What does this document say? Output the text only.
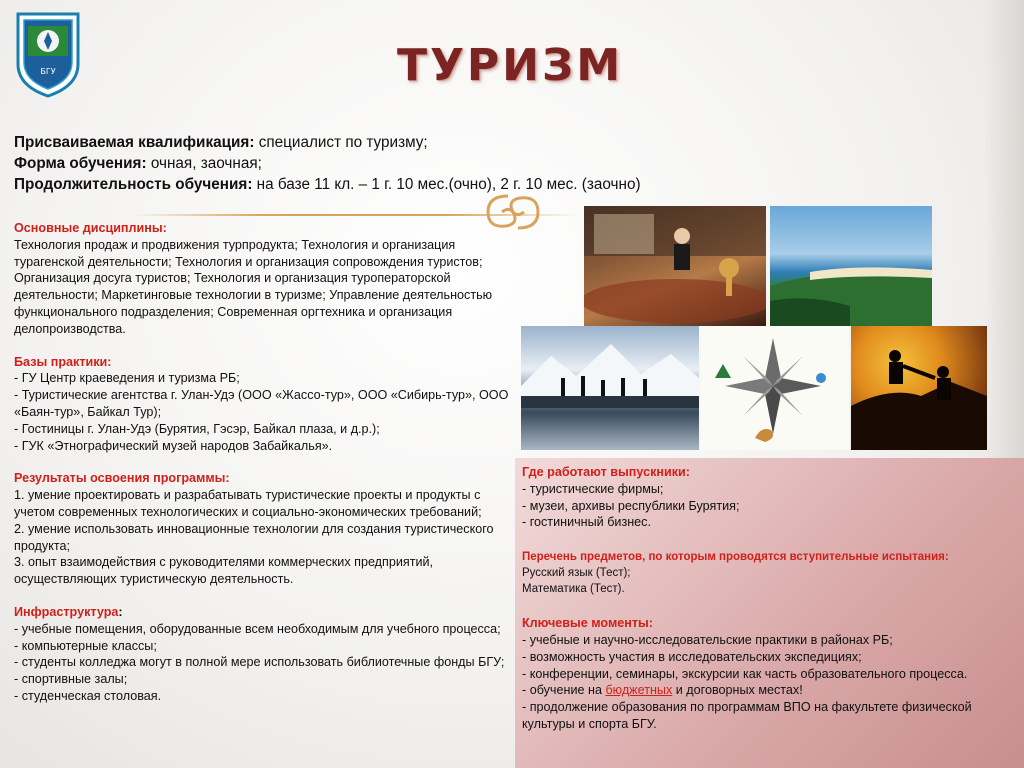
БГУ	ТУРИЗМ
Присваиваемая квалификация: специалист по туризму;
Форма обучения: очная, заочная;
Продолжительность обучения: на базе 11 кл. – 1 г. 10 мес.(очно), 2 г. 10 мес. (заочно)
Основные дисциплины:
Технология продаж и продвижения турпродукта; Технология и организация турагенской деятельности; Технология и организация сопровождения туристов; Организация досуга туристов; Технология и организация туроператорской деятельности; Маркетинговые технологии в туризме; Управление деятельностью функционального подразделения; Современная оргтехника и организация делопроизводства.
Базы практики:
- ГУ Центр краеведения и туризма РБ;
- Туристические агентства г. Улан-Удэ (ООО «Жассо-тур», ООО «Сибирь-тур», ООО «Баян-тур», Байкал Тур);
- Гостиницы г. Улан-Удэ (Бурятия, Гэсэр, Байкал плаза, и д.р.);
- ГУК «Этнографический музей народов Забайкалья».
Результаты освоения программы:
1. умение проектировать и разрабатывать туристические проекты и продукты с учетом современных технологических и социально-экономических требований;
2. умение использовать инновационные технологии для создания туристического продукта;
3. опыт взаимодействия с руководителями коммерческих предприятий, осуществляющих туристическую деятельность.
Инфраструктура:
- учебные помещения, оборудованные всем необходимым для учебного процесса;
- компьютерные классы;
- студенты колледжа могут в полной мере использовать библиотечные фонды БГУ;
- спортивные залы;
- студенческая столовая.
Где работают выпускники:
- туристические фирмы;
- музеи, архивы республики Бурятия;
- гостиничный бизнес.
Перечень предметов, по которым проводятся вступительные испытания:
Русский язык (Тест);
Математика (Тест).
Ключевые моменты:
- учебные и научно-исследовательские практики в районах РБ;
- возможность участия в исследовательских экспедициях;
- конференции, семинары, экскурсии как часть образовательного процесса.
- обучение на бюджетных и договорных местах!
- продолжение образования по программам ВПО на факультете физической культуры и спорта БГУ.
